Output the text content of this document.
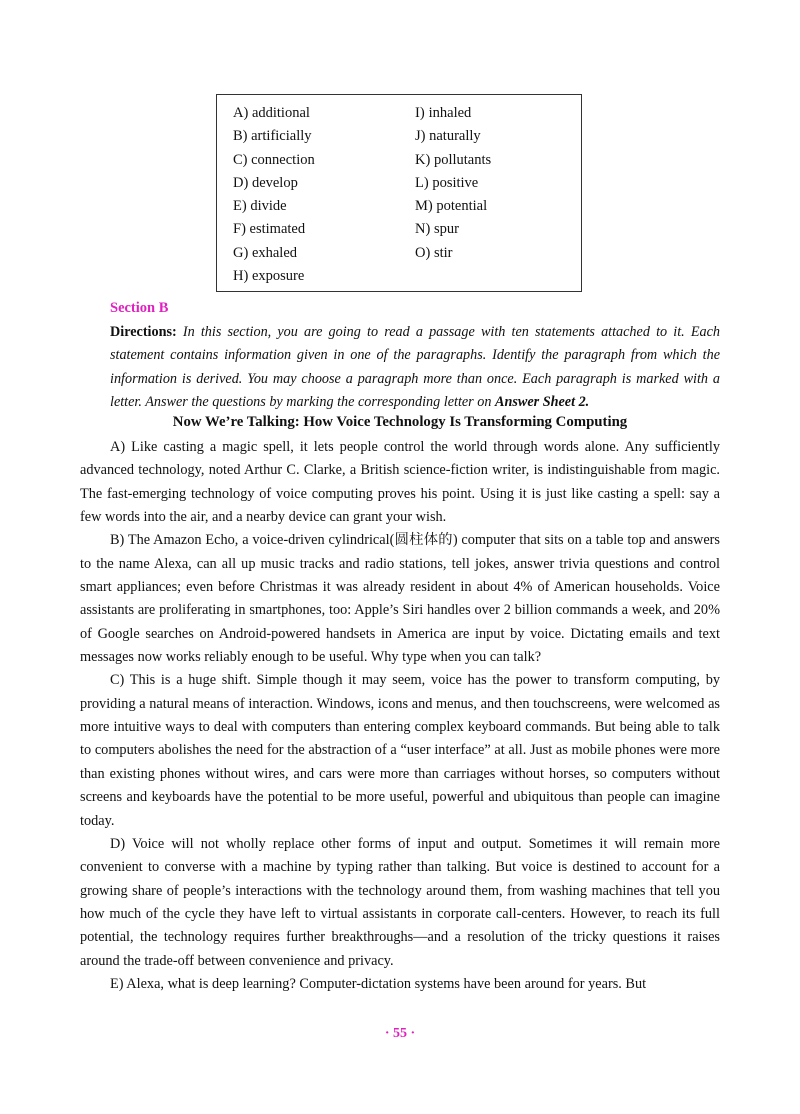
A) additional
B) artificially
C) connection
D) develop
E) divide
F) estimated
G) exhaled
H) exposure
I) inhaled
J) naturally
K) pollutants
L) positive
M) potential
N) spur
O) stir
Section B
Directions: In this section, you are going to read a passage with ten statements attached to it. Each statement contains information given in one of the paragraphs. Identify the paragraph from which the information is derived. You may choose a paragraph more than once. Each paragraph is marked with a letter. Answer the questions by marking the corresponding letter on Answer Sheet 2.
Now We’re Talking: How Voice Technology Is Transforming Computing

A) Like casting a magic spell, it lets people control the world through words alone. Any sufficiently advanced technology, noted Arthur C. Clarke, a British science-fiction writer, is indistinguishable from magic. The fast-emerging technology of voice computing proves his point. Using it is just like casting a spell: say a few words into the air, and a nearby device can grant your wish.

B) The Amazon Echo, a voice-driven cylindrical(圆柱体的) computer that sits on a table top and answers to the name Alexa, can all up music tracks and radio stations, tell jokes, answer trivia questions and control smart appliances; even before Christmas it was already resident in about 4% of American households. Voice assistants are proliferating in smartphones, too: Apple’s Siri handles over 2 billion commands a week, and 20% of Google searches on Android-powered handsets in America are input by voice. Dictating emails and text messages now works reliably enough to be useful. Why type when you can talk?

C) This is a huge shift. Simple though it may seem, voice has the power to transform computing, by providing a natural means of interaction. Windows, icons and menus, and then touchscreens, were welcomed as more intuitive ways to deal with computers than entering complex keyboard commands. But being able to talk to computers abolishes the need for the abstraction of a “user interface” at all. Just as mobile phones were more than existing phones without wires, and cars were more than carriages without horses, so computers without screens and keyboards have the potential to be more useful, powerful and ubiquitous than people can imagine today.

D) Voice will not wholly replace other forms of input and output. Sometimes it will remain more convenient to converse with a machine by typing rather than talking. But voice is destined to account for a growing share of people’s interactions with the technology around them, from washing machines that tell you how much of the cycle they have left to virtual assistants in corporate call-centers. However, to reach its full potential, the technology requires further breakthroughs—and a resolution of the tricky questions it raises around the trade-off between convenience and privacy.

E) Alexa, what is deep learning? Computer-dictation systems have been around for years. But

· 55 ·
